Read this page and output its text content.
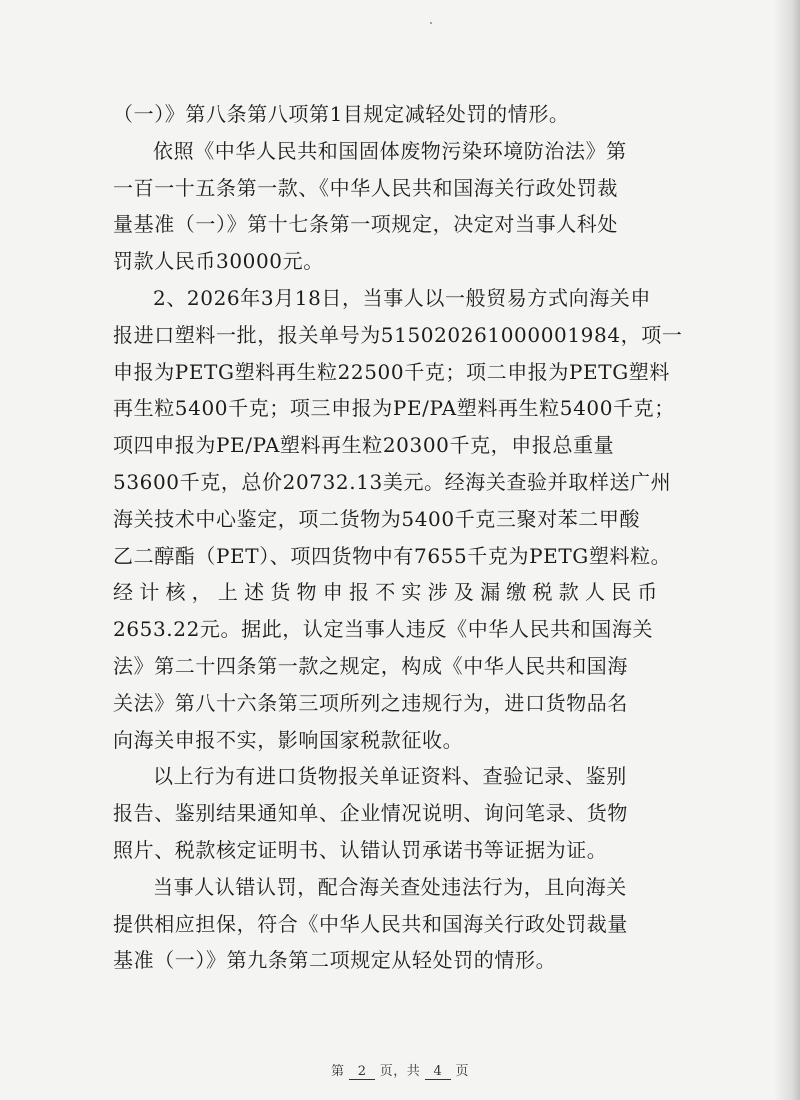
（一）》第八条第八项第1目规定减轻处罚的情形。
依照《中华人民共和国固体废物污染环境防治法》第
一百一十五条第一款、《中华人民共和国海关行政处罚裁
量基准（一）》第十七条第一项规定，决定对当事人科处
罚款人民币30000元。
2、2026年3月18日，当事人以一般贸易方式向海关申
报进口塑料一批，报关单号为515020261000001984，项一
申报为PETG塑料再生粒22500千克；项二申报为PETG塑料
再生粒5400千克；项三申报为PE/PA塑料再生粒5400千克；
项四申报为PE/PA塑料再生粒20300千克，申报总重量
53600千克，总价20732.13美元。经海关查验并取样送广州
海关技术中心鉴定，项二货物为5400千克三聚对苯二甲酸
乙二醇酯（PET）、项四货物中有7655千克为PETG塑料粒。
经计核，上述货物申报不实涉及漏缴税款人民币
2653.22元。据此，认定当事人违反《中华人民共和国海关
法》第二十四条第一款之规定，构成《中华人民共和国海
关法》第八十六条第三项所列之违规行为，进口货物品名
向海关申报不实，影响国家税款征收。
以上行为有进口货物报关单证资料、查验记录、鉴别
报告、鉴别结果通知单、企业情况说明、询问笔录、货物
照片、税款核定证明书、认错认罚承诺书等证据为证。
当事人认错认罚，配合海关查处违法行为，且向海关
提供相应担保，符合《中华人民共和国海关行政处罚裁量
基准（一）》第九条第二项规定从轻处罚的情形。
第 2 页，共 4 页
